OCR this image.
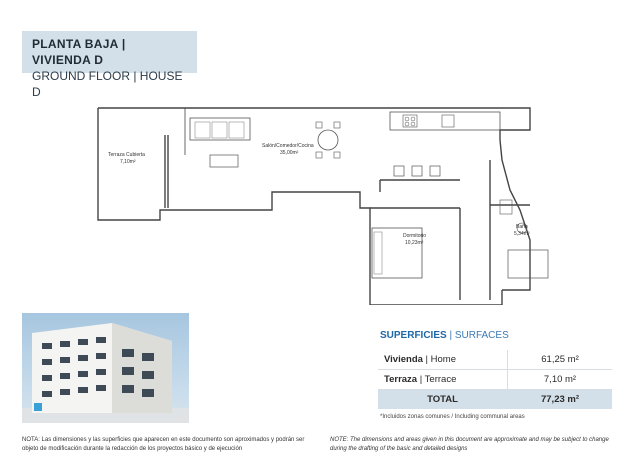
PLANTA BAJA | VIVIENDA D
GROUND FLOOR | HOUSE D
Terraza Cubierta
7,10m²
Salón/Comedor/Cocina
35,00m²
Dormitorio
10,23m²
Baño
5,34m²
SUPERFICIES | SURFACES
Vivienda | Home	61,25 m²
Terraza | Terrace	7,10 m²
TOTAL	77,23 m²
*Incluidos zonas comunes / Including communal areas
NOTA: Las dimensiones y las superficies que aparecen en este documento son aproximados y podrán ser objeto de modificación durante la redacción de los proyectos básico y de ejecución
NOTE: The dimensions and areas given in this document are approximate and may be subject to change during the drafting of the basic and detailed designs
